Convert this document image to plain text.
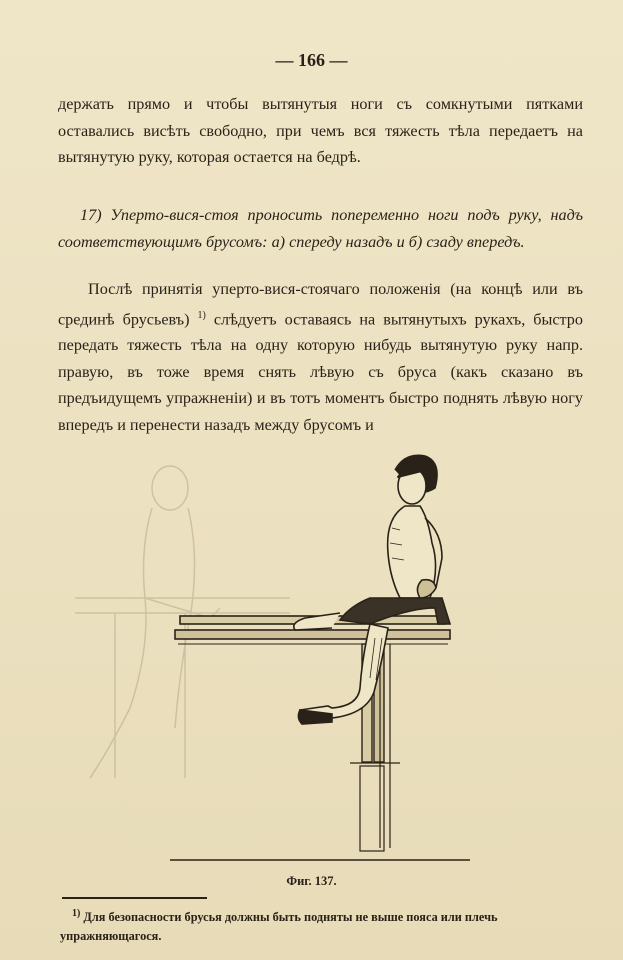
— 166 —
держать прямо и чтобы вытянутыя ноги съ сомкнутыми пятками оставались висѣть свободно, при чемъ вся тяжесть тѣла передаетъ на вытянутую руку, которая остается на бедрѣ.
17) Уперто-вися-стоя проносить попеременно ноги подъ руку, надъ соответствующимъ брусомъ: а) спереду назадъ и б) сзаду впередъ.
Послѣ принятія уперто-вися-стоячаго положенія (на концѣ или въ срединѣ брусьевъ) $^{1)}$ слѣдуетъ оставаясь на вытянутыхъ рукахъ, быстро передать тяжесть тѣла на одну которую нибудь вытянутую руку напр. правую, въ тоже время снять лѣвую съ бруса (какъ сказано въ предъидущемъ упражненіи) и въ тотъ моментъ быстро поднять лѣвую ногу впередъ и перенести назадъ между брусомъ и
Фиг. 137.
$^{1)}$ Для безопасности брусья должны быть подняты не выше пояса или плечь упражняющагося.
